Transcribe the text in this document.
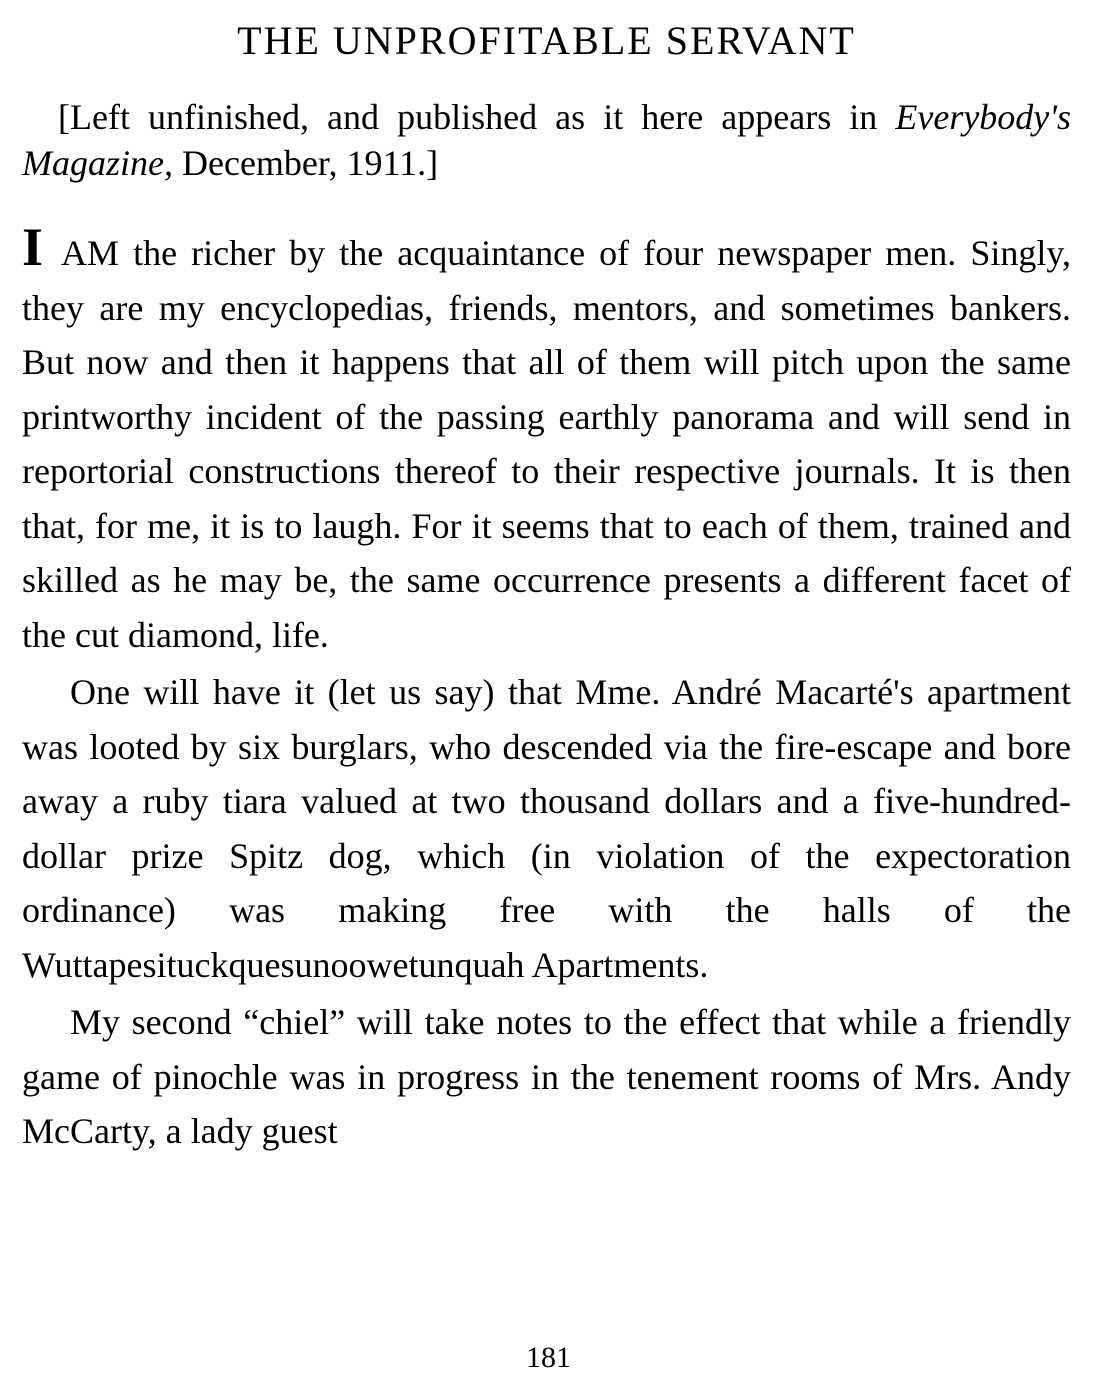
THE UNPROFITABLE SERVANT

[Left unfinished, and published as it here appears in Everybody's Magazine, December, 1911.]

IAM the richer by the acquaintance of four newspaper men. Singly, they are my encyclopedias, friends, mentors, and sometimes bankers. But now and then it happens that all of them will pitch upon the same printworthy incident of the passing earthly panorama and will send in reportorial constructions thereof to their respective journals. It is then that, for me, it is to laugh. For it seems that to each of them, trained and skilled as he may be, the same occurrence presents a different facet of the cut diamond, life.

One will have it (let us say) that Mme. André Macarté's apartment was looted by six burglars, who descended via the fire-escape and bore away a ruby tiara valued at two thousand dollars and a five-hundred-dollar prize Spitz dog, which (in violation of the expectoration ordinance) was making free with the halls of the Wuttapesituckquesunoowetunquah Apartments.

My second “chiel” will take notes to the effect that while a friendly game of pinochle was in progress in the tenement rooms of Mrs. Andy McCarty, a lady guest

181
